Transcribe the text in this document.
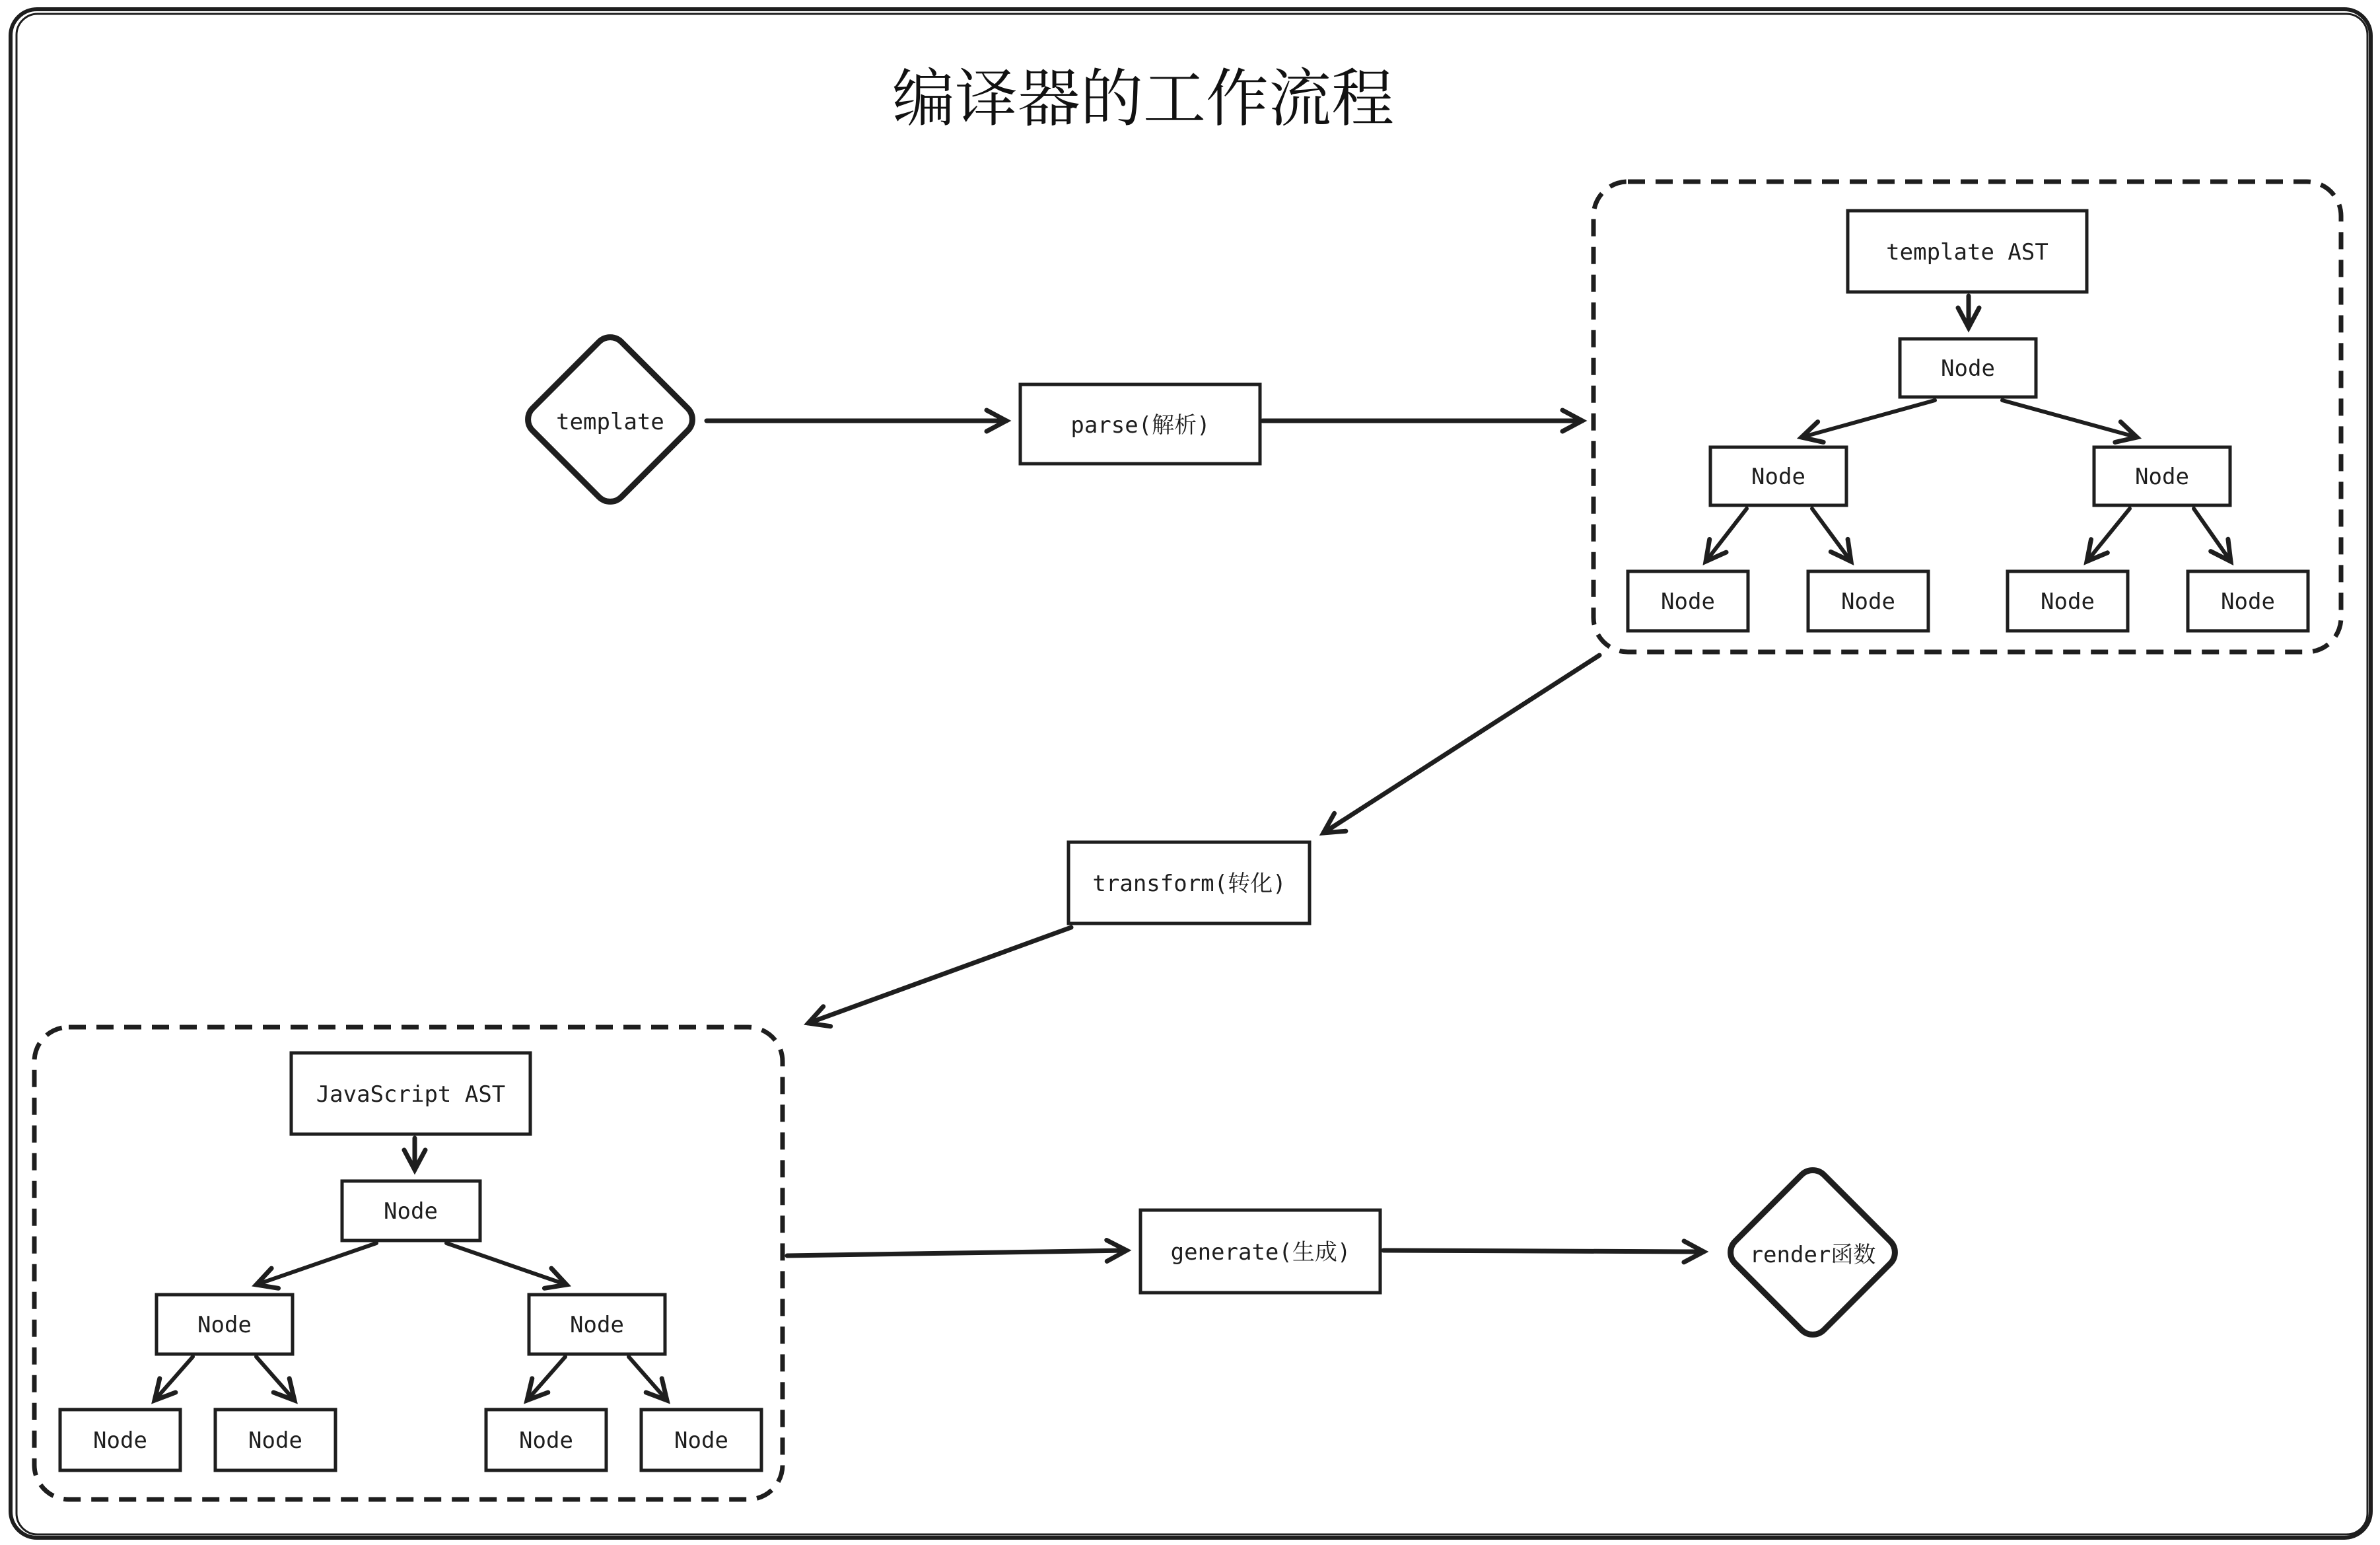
编译器的工作流程
template	parse(解析)
template AST
Node
Node	Node
Node	Node	Node	Node
transform(转化)
JavaScript AST
Node
Node	Node
Node	Node	Node	Node
generate(生成)	render函数
